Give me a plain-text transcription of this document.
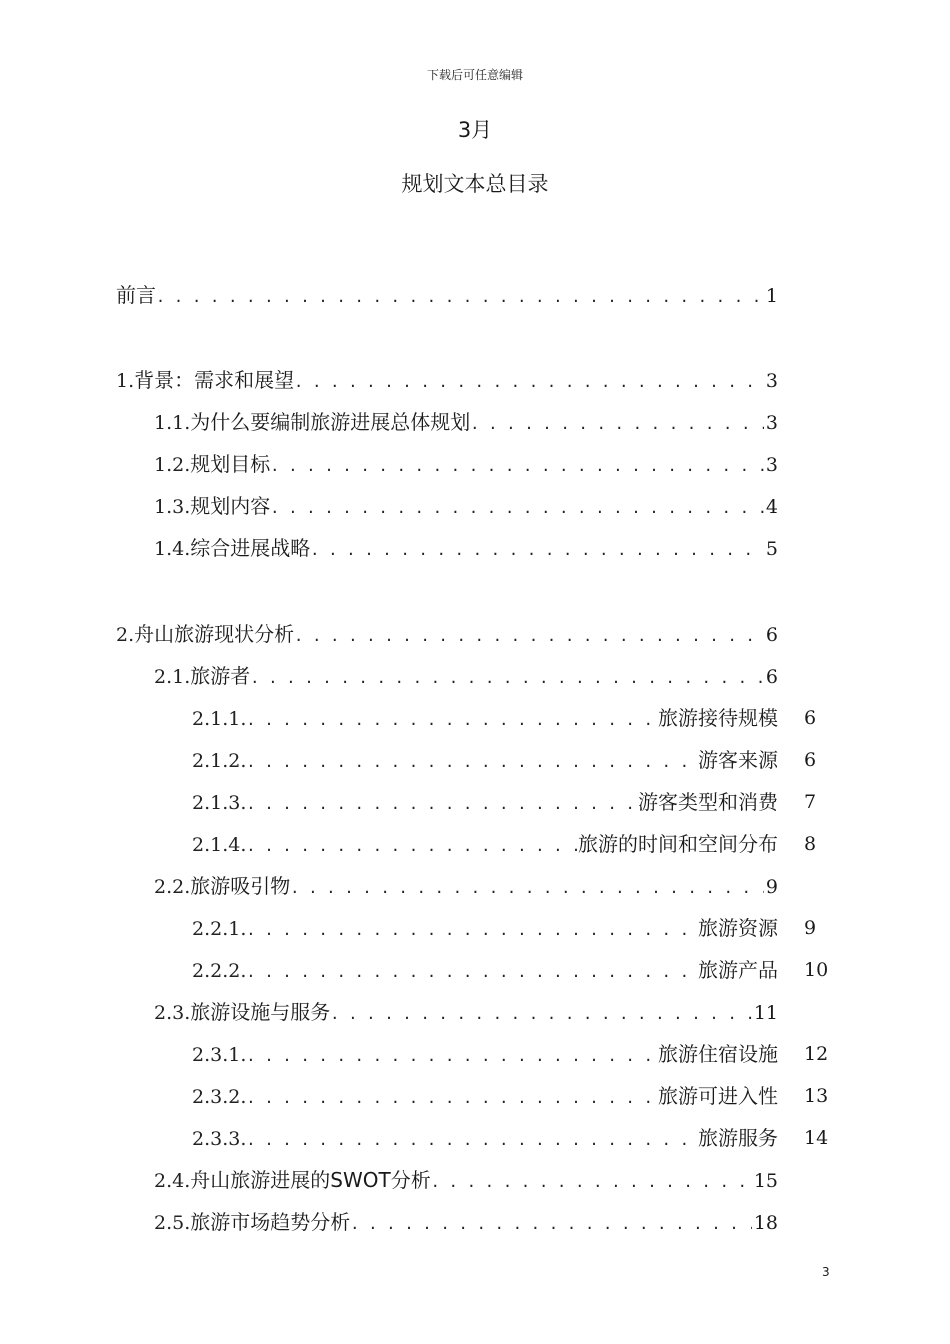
下载后可任意编辑
3月
规划文本总目录
前言 . . .	1
1. 背景：需求和展望 . . .	3
1.1. 为什么要编制旅游进展总体规划 . . .	3
1.2. 规划目标 . . .	3
1.3. 规划内容 . . .	4
1.4. 综合进展战略 . . .	5
2. 舟山旅游现状分析 . . .	6
2.1. 旅游者 . . .	6
2.1.1. . . .	旅游接待规模 6
2.1.2. . . .	游客来源 6
2.1.3. . . .	游客类型和消费 7
2.1.4. . . .	旅游的时间和空间分布 8
2.2. 旅游吸引物 . . .	9
2.2.1. . . .	旅游资源 9
2.2.2. . . .	旅游产品 10
2.3. 旅游设施与服务 . . .	11
2.3.1. . . .	旅游住宿设施 12
2.3.2. . . .	旅游可进入性 13
2.3.3. . . .	旅游服务 14
2.4. 舟山旅游进展的SWOT分析 . . .	15
2.5. 旅游市场趋势分析 . . .	18
3
